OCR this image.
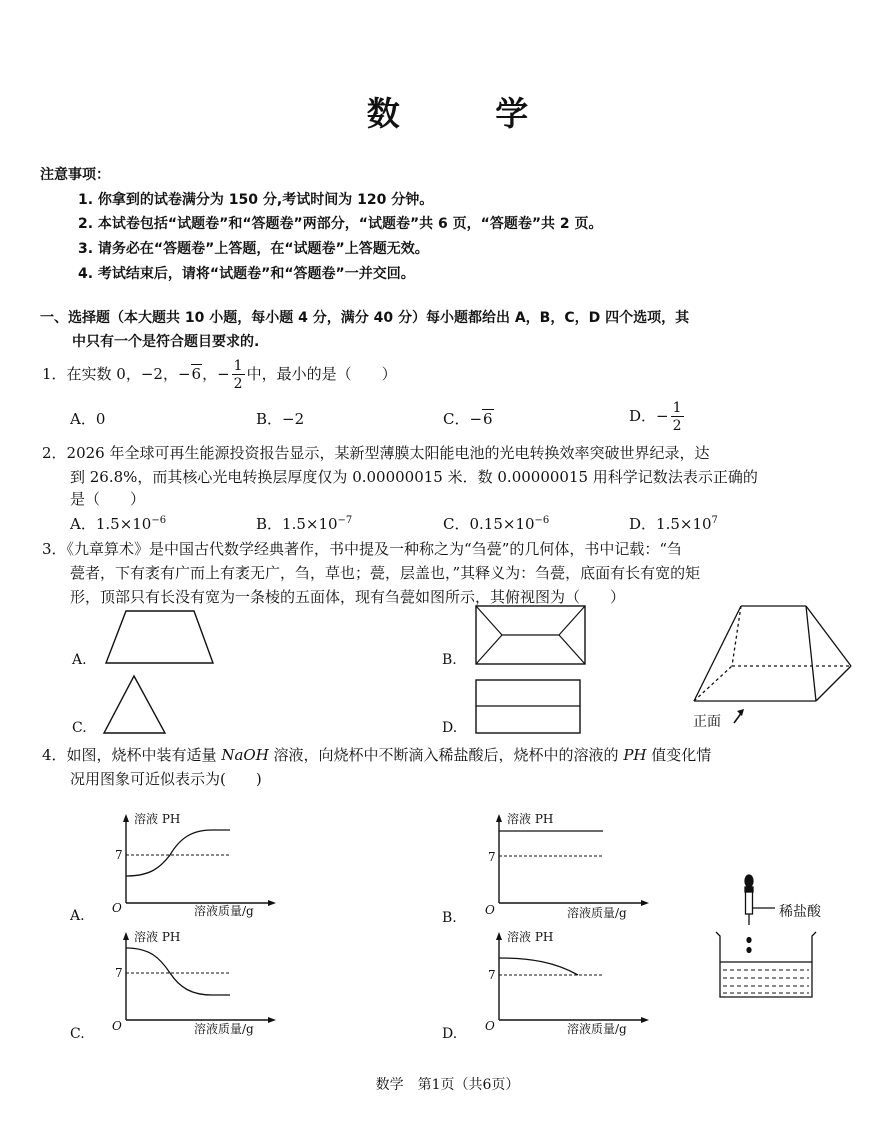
数 学
注意事项：
1. 你拿到的试卷满分为 150 分,考试时间为 120 分钟。
2. 本试卷包括“试题卷”和“答题卷”两部分，“试题卷”共 6 页，“答题卷”共 2 页。
3. 请务必在“答题卷”上答题，在“试题卷”上答题无效。
4. 考试结束后，请将“试题卷”和“答题卷”一并交回。
一、选择题（本大题共 10 小题，每小题 4 分，满分 40 分）每小题都给出 A，B，C，D 四个选项，其
中只有一个是符合题目要求的.
1．在实数 0，−2，−6，− $\frac{1}{2}$ 中，最小的是（　　）
A．0	B．−2	C．−6	D．− $\frac{1}{2}$
2．2026 年全球可再生能源投资报告显示，某新型薄膜太阳能电池的光电转换效率突破世界纪录，达
到 26.8%，而其核心光电转换层厚度仅为 0.00000015 米．数 0.00000015 用科学记数法表示正确的
是（　　）
A．$1.5\times 10^{-6}$	B．$1.5\times 10^{-7}$	C．$0.15\times 10^{-6}$	D．$1.5\times 10^7$
3．《九章算术》是中国古代数学经典著作，书中提及一种称之为“刍甍”的几何体，书中记载：“刍
甍者，下有袤有广而上有袤无广，刍，草也；甍，层盖也，”其释义为：刍甍，底面有长有宽的矩
形，顶部只有长没有宽为一条棱的五面体，现有刍甍如图所示，其俯视图为（　　）
A.	B.
C.	D.	正面
4．如图，烧杯中装有适量 NaOH 溶液，向烧杯中不断滴入稀盐酸后，烧杯中的溶液的 PH 值变化情
况用图象可近似表示为(　　)
A.	B.
C.	D.
溶液 PH
溶液质量/g
O
7
溶液 PH
溶液质量/g
O
7
溶液 PH
溶液质量/g
O
7
溶液 PH
溶液质量/g
O
7
稀盐酸
数学　第1页（共6页）
